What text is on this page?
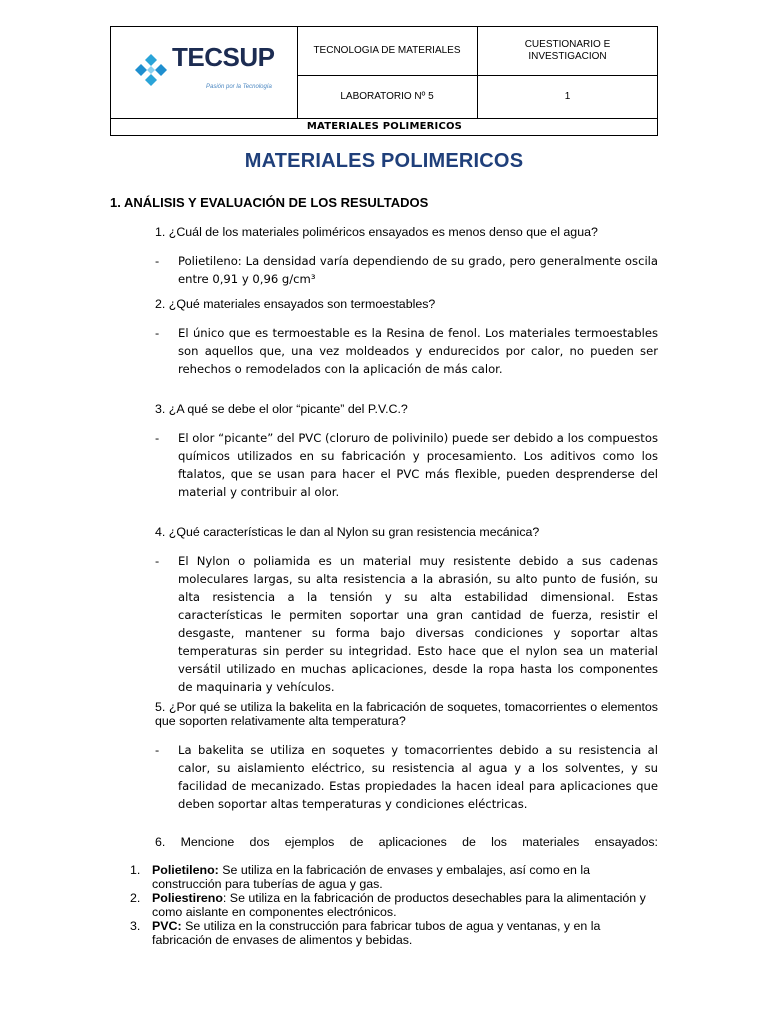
TECSUP
Pasión por la Tecnología
TECNOLOGIA DE MATERIALES
CUESTIONARIO E INVESTIGACION
LABORATORIO Nº 5	1
MATERIALES POLIMERICOS
MATERIALES POLIMERICOS
1. ANÁLISIS Y EVALUACIÓN DE LOS RESULTADOS
1. ¿Cuál de los materiales poliméricos ensayados es menos denso que el agua?
- Polietileno: La densidad varía dependiendo de su grado, pero generalmente oscila entre 0,91 y 0,96 g/cm³
2. ¿Qué materiales ensayados son termoestables?
- El único que es termoestable es la Resina de fenol. Los materiales termoestables son aquellos que, una vez moldeados y endurecidos por calor, no pueden ser rehechos o remodelados con la aplicación de más calor.
3. ¿A qué se debe el olor “picante” del P.V.C.?
- El olor “picante” del PVC (cloruro de polivinilo) puede ser debido a los compuestos químicos utilizados en su fabricación y procesamiento. Los aditivos como los ftalatos, que se usan para hacer el PVC más flexible, pueden desprenderse del material y contribuir al olor.
4. ¿Qué características le dan al Nylon su gran resistencia mecánica?
- El Nylon o poliamida es un material muy resistente debido a sus cadenas moleculares largas, su alta resistencia a la abrasión, su alto punto de fusión, su alta resistencia a la tensión y su alta estabilidad dimensional. Estas características le permiten soportar una gran cantidad de fuerza, resistir el desgaste, mantener su forma bajo diversas condiciones y soportar altas temperaturas sin perder su integridad. Esto hace que el nylon sea un material versátil utilizado en muchas aplicaciones, desde la ropa hasta los componentes de maquinaria y vehículos.
5. ¿Por qué se utiliza la bakelita en la fabricación de soquetes, tomacorrientes o elementos que soporten relativamente alta temperatura?
- La bakelita se utiliza en soquetes y tomacorrientes debido a su resistencia al calor, su aislamiento eléctrico, su resistencia al agua y a los solventes, y su facilidad de mecanizado. Estas propiedades la hacen ideal para aplicaciones que deben soportar altas temperaturas y condiciones eléctricas.
6. Mencione dos ejemplos de aplicaciones de los materiales ensayados:
1. Polietileno: Se utiliza en la fabricación de envases y embalajes, así como en la construcción para tuberías de agua y gas.
2. Poliestireno: Se utiliza en la fabricación de productos desechables para la alimentación y como aislante en componentes electrónicos.
3. PVC: Se utiliza en la construcción para fabricar tubos de agua y ventanas, y en la fabricación de envases de alimentos y bebidas.
